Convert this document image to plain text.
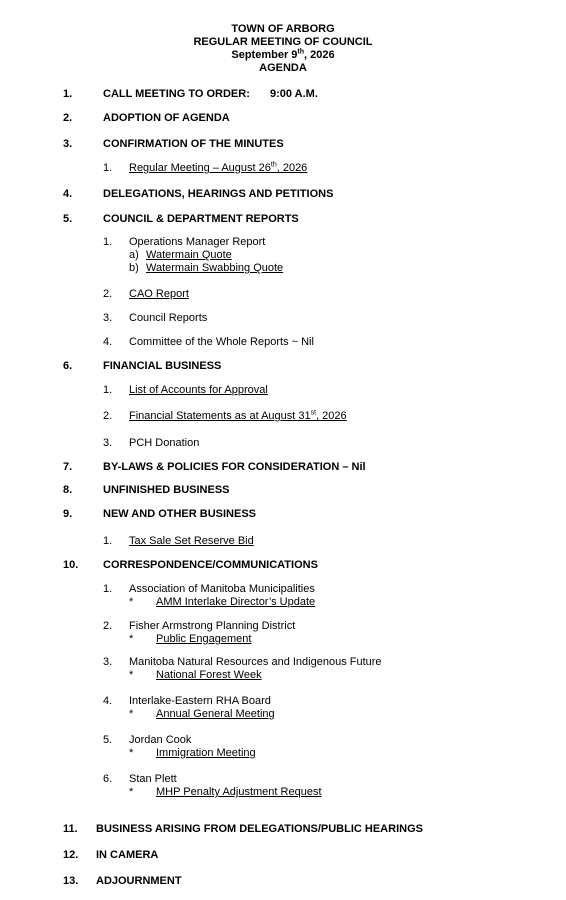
TOWN OF ARBORG
REGULAR MEETING OF COUNCIL
September 9th, 2026
AGENDA
1.	CALL MEETING TO ORDER: 9:00 A.M.
2.	ADOPTION OF AGENDA
3.	CONFIRMATION OF THE MINUTES
1. Regular Meeting – August 26th, 2026
4.	DELEGATIONS, HEARINGS AND PETITIONS
5.	COUNCIL & DEPARTMENT REPORTS
1. Operations Manager Report
a) Watermain Quote
b) Watermain Swabbing Quote
2. CAO Report
3. Council Reports
4. Committee of the Whole Reports ~ Nil
6.	FINANCIAL BUSINESS
1. List of Accounts for Approval
2. Financial Statements as at August 31st, 2026
3. PCH Donation
7.	BY-LAWS & POLICIES FOR CONSIDERATION – Nil
8.	UNFINISHED BUSINESS
9.	NEW AND OTHER BUSINESS
1. Tax Sale Set Reserve Bid
10. CORRESPONDENCE/COMMUNICATIONS
1. Association of Manitoba Municipalities
* AMM Interlake Director’s Update
2. Fisher Armstrong Planning District
* Public Engagement
3. Manitoba Natural Resources and Indigenous Future
* National Forest Week
4. Interlake-Eastern RHA Board
* Annual General Meeting
5. Jordan Cook
* Immigration Meeting
6. Stan Plett
* MHP Penalty Adjustment Request
11. BUSINESS ARISING FROM DELEGATIONS/PUBLIC HEARINGS
12. IN CAMERA
13. ADJOURNMENT
